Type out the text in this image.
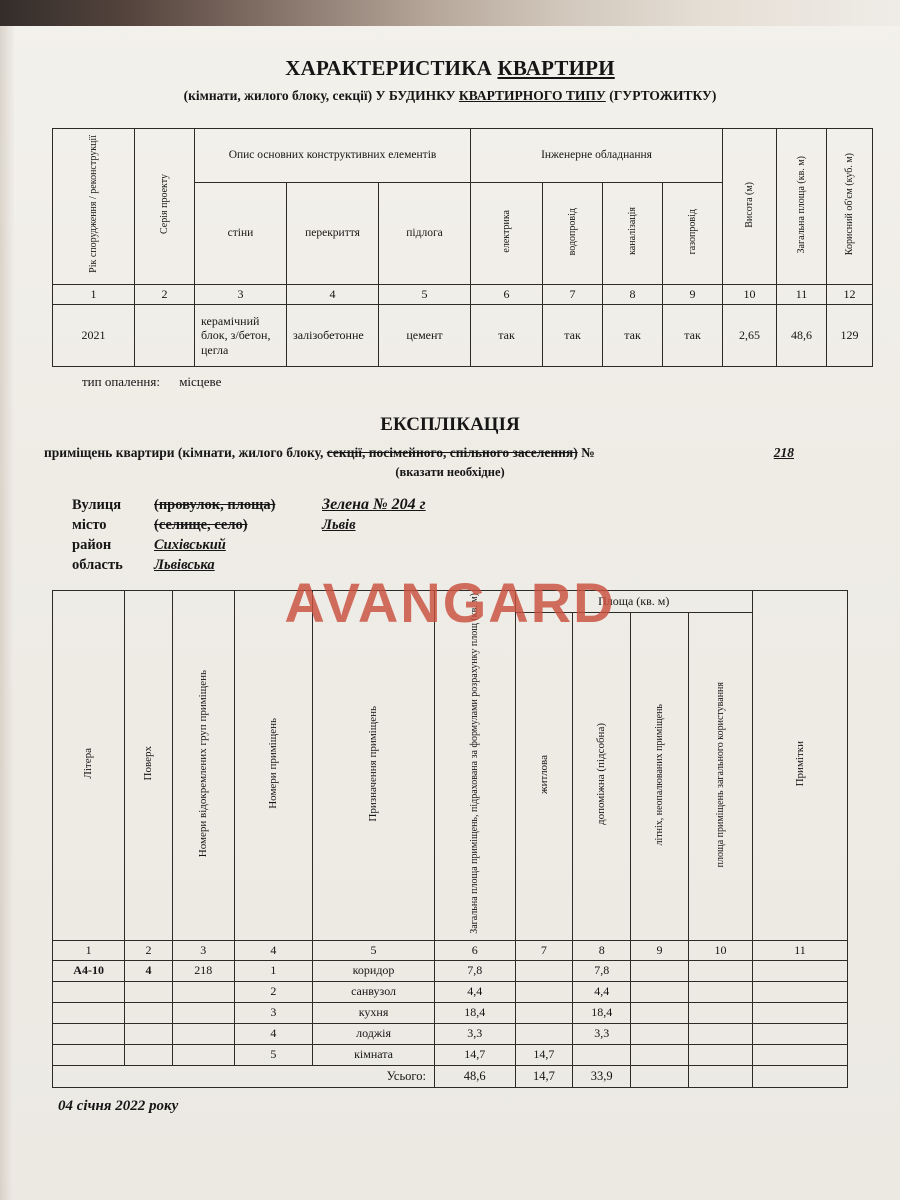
ХАРАКТЕРИСТИКА КВАРТИРИ
(кімнати, жилого блоку, секції) У БУДИНКУ КВАРТИРНОГО ТИПУ (ГУРТОЖИТКУ)
Рік спорудження / реконструкції	Серія проекту	Опис основних конструктивних елементів			Інженерне обладнання				Висота (м)	Загальна площа (кв. м)	Корисний об'єм (куб. м)
		стіни	перекриття	підлога	електрика	водопровід	каналізація	газопровід			

1	2	3	4	5	6	7	8	9	10	11	12
2021		керамічний блок, з/бетон, цегла	залізобетонне	цемент	так	так	так	так	2,65	48,6	129
тип опалення: місцеве
ЕКСПЛІКАЦІЯ
приміщень квартири (кімнати, жилого блоку, секції, посімейного, спільного заселення) №	218
(вказати необхідне)
Вулиця	(провулок, площа)	Зелена № 204 г
місто	(селище, село)	Львів
район	Сихівський
область	Львівська
Літера	Поверх	Номери відокремлених груп приміщень	Номери приміщень	Призначення приміщень	Загальна площа приміщень, підрахована за формулами розрахунку площ (кв. м)	Площа (кв. м)				Примітки
						житлова	допоміжна (підсобна)	літніх, неопалюваних приміщень	площа приміщень загального користування	
1	2	3	4	5	6	7	8	9	10	11
А4-10	4	218	1	коридор	7,8		7,8			
			2	санвузол	4,4		4,4			
			3	кухня	18,4		18,4			
			4	лоджія	3,3		3,3			
			5	кімната	14,7	14,7				
Усього:					48,6	14,7	33,9			
04 січня 2022 року
AVANGARD
